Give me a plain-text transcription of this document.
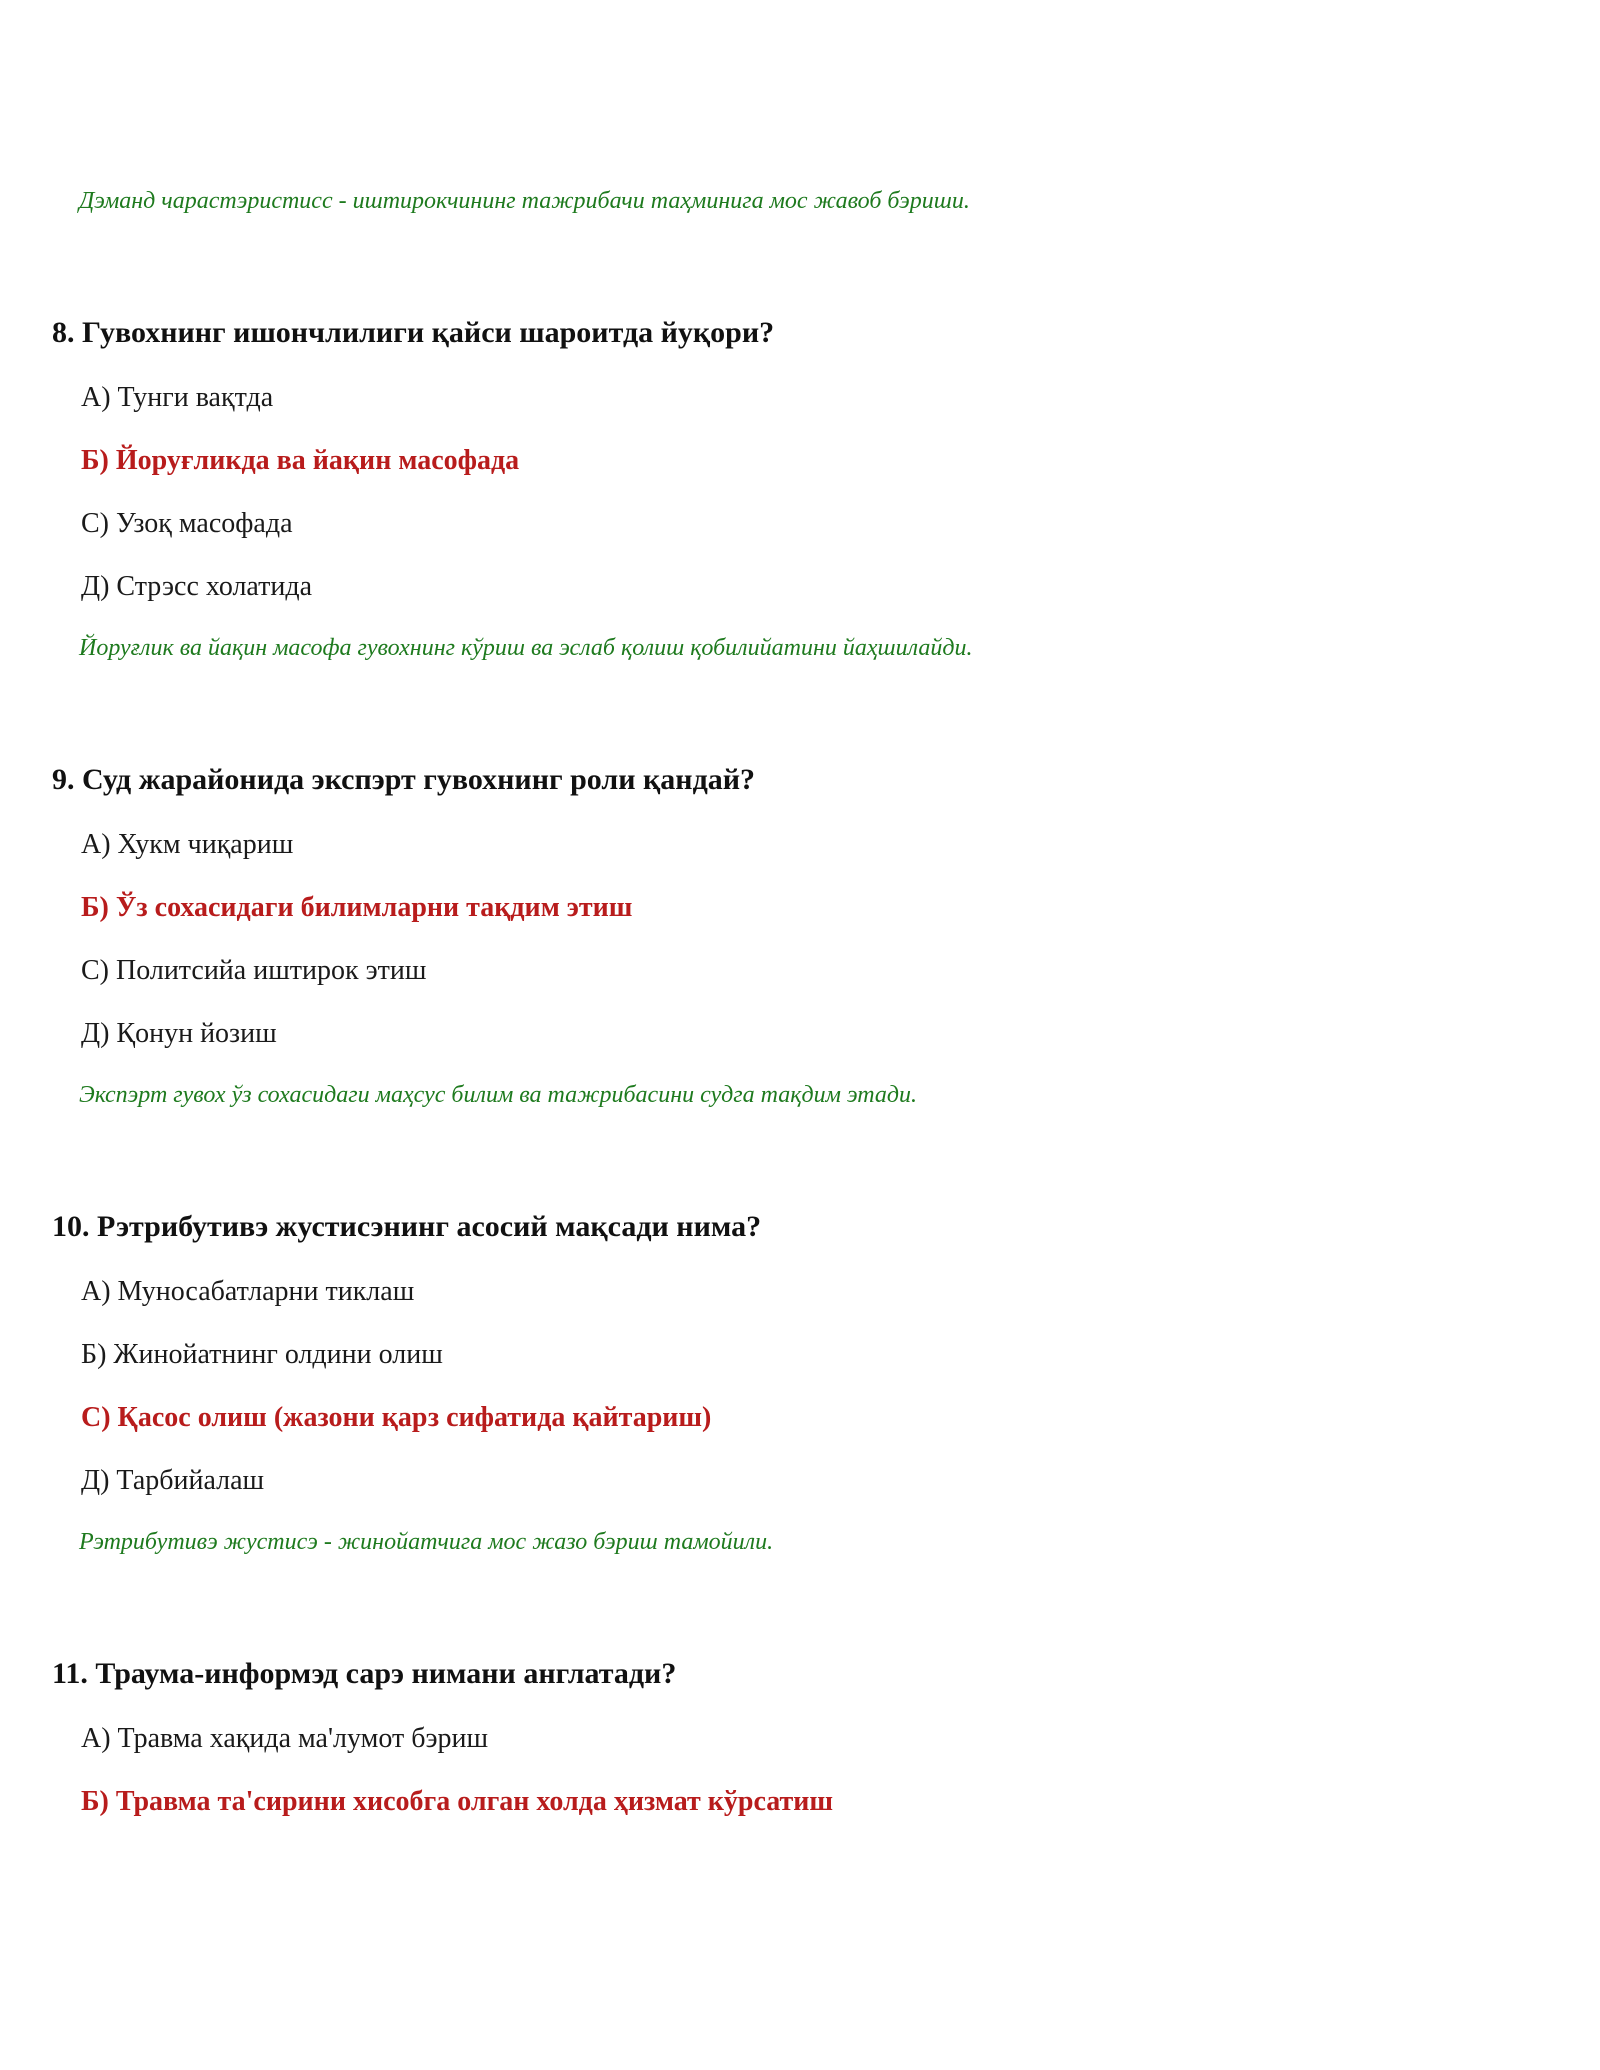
Дэманд чарастэристисс - иштирокчининг тажрибачи таҳминига мос жавоб бэриши.
8. Гувохнинг ишончлилиги қайси шароитда йуқори?
А) Тунги вақтда
Б) Йоруғликда ва йақин масофада
С) Узоқ масофада
Д) Стрэсс холатида
Йоруғлик ва йақин масофа гувохнинг кўриш ва эслаб қолиш қобилийатини йаҳшилайди.
9. Суд жарайонида экспэрт гувохнинг роли қандай?
А) Хукм чиқариш
Б) Ўз сохасидаги билимларни тақдим этиш
С) Политсийа иштирок этиш
Д) Қонун йозиш
Экспэрт гувох ўз сохасидаги маҳсус билим ва тажрибасини судга тақдим этади.
10. Рэтрибутивэ жустисэнинг асосий мақсади нима?
А) Муносабатларни тиклаш
Б) Жинойатнинг олдини олиш
С) Қасос олиш (жазони қарз сифатида қайтариш)
Д) Тарбийалаш
Рэтрибутивэ жустисэ - жинойатчига мос жазо бэриш тамойили.
11. Траума-информэд сарэ нимани англатади?
А) Травма хақида ма'лумот бэриш
Б) Травма та'сирини хисобга олган холда ҳизмат кўрсатиш
